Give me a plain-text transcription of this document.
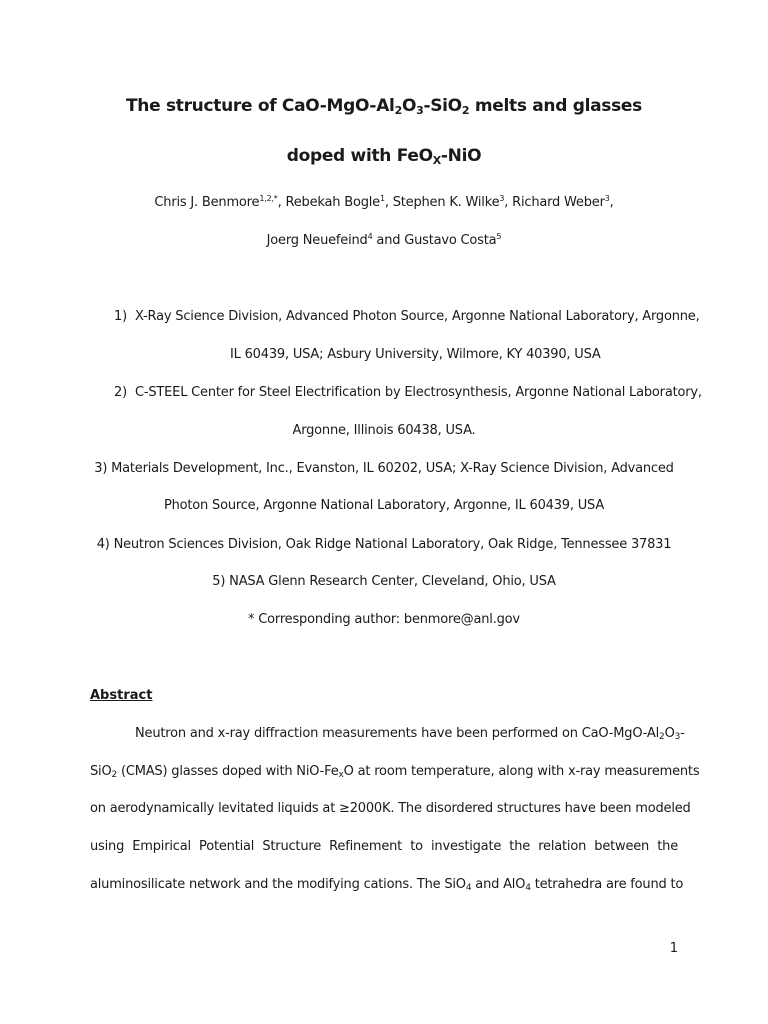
The structure of CaO-$MgO-Al_2O_3-SiO_2$ melts and glasses
doped with FeO$_X$-NiO
Chris J. Benmore$^{1,2,*}$, Rebekah Bogle$^1$, Stephen K. Wilke$^3$, Richard Weber$^3$,
Joerg Neuefeind$^4$ and Gustavo Costa$^5$
1) X-Ray Science Division, Advanced Photon Source, Argonne National Laboratory, Argonne,
IL 60439, USA; Asbury University, Wilmore, KY 40390, USA
2) C-STEEL Center for Steel Electrification by Electrosynthesis, Argonne National Laboratory,
Argonne, Illinois 60438, USA.
3) Materials Development, Inc., Evanston, IL 60202, USA; X-Ray Science Division, Advanced
Photon Source, Argonne National Laboratory, Argonne, IL 60439, USA
4) Neutron Sciences Division, Oak Ridge National Laboratory, Oak Ridge, Tennessee 37831
5) NASA Glenn Research Center, Cleveland, Ohio, USA
* Corresponding author: benmore@anl.gov
Abstract
Neutron and x-ray diffraction measurements have been performed on CaO-$MgO-Al_2O_3-$
SiO$_2$ (CMAS) glasses doped with NiO-$Fe_xO$ at room temperature, along with x-ray measurements
on aerodynamically levitated liquids at ≥2000K. The disordered structures have been modeled
using Empirical Potential Structure Refinement to investigate the relation between the
aluminosilicate network and the modifying cations. The SiO$_4$ and AlO$_4$ tetrahedra are found to
1
